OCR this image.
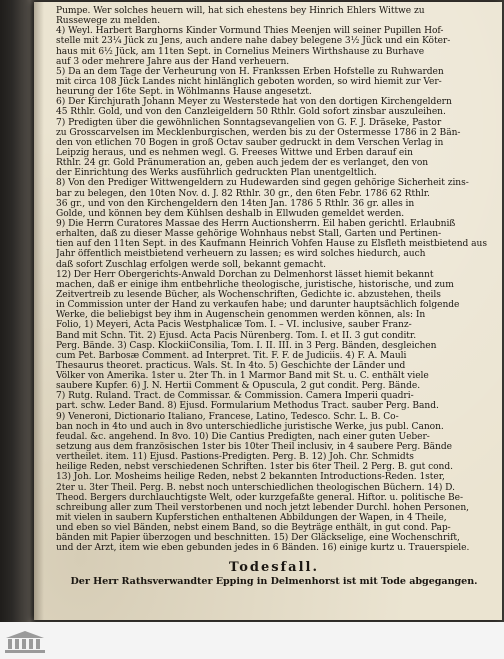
Pumpe. Wer solches heuern will, hat sich ehestens bey Hinrich Ehlers Wittwe zu
Russewege zu melden.
4) Weyl. Harbert Barghorns Kinder Vormund Thies Meenjen will seiner Pupillen Hof-
stelle mit 23¼ Jück zu Jens, auch andere nahe dabey belegene 3½ Jück und ein Köter-
haus mit 6½ Jück, am 11ten Sept. in Cornelius Meiners Wirthshause zu Burhave
auf 3 oder mehrere Jahre aus der Hand verheuern.
5) Da an dem Tage der Verheurung von H. Frankssen Erben Hofstelle zu Ruhwarden
mit circa 108 Jück Landes nicht hinlänglich geboten worden, so wird hiemit zur Ver-
heurung der 16te Sept. in Wöhlmanns Hause angesetzt.
6) Der Kirchjurath Johann Meyer zu Westerstede hat von den dortigen Kirchengeldern
45 Rthlr. Gold, und von den Canzleigeldern 50 Rthlr. Gold sofort zinsbar auszuleihen.
7) Predigten über die gewöhnlichen Sonntagsevangelien von G. F. J. Dräseke, Pastor
zu Grosscarvelsen im Mecklenburgischen, werden bis zu der Ostermesse 1786 in 2 Bän-
den von etlichen 70 Bogen in groß Octav sauber gedruckt in dem Verschen Verlag in
Leipzig heraus, und es nehmen wegl. G. Freeses Wittwe und Erben darauf ein
Rthlr. 24 gr. Gold Pränumeration an, geben auch jedem der es verlanget, den von
der Einrichtung des Werks ausführlich gedruckten Plan unentgeltlich.
8) Von den Prediger Wittwengeldern zu Hudewarden sind gegen gehörige Sicherheit zins-
bar zu belegen, den 10ten Nov. d. J. 82 Rthlr. 30 gr., den 6ten Febr. 1786 62 Rthlr.
36 gr., und von den Kirchengeldern den 14ten Jan. 1786 5 Rthlr. 36 gr. alles in
Golde, und können bey dem Kühlsen deshalb in Ellwuden gemeldet werden.
9) Die Herrn Curatores Massae des Herrn Auctionsherrn. Eil haben gerichtl. Erlaubniß
erhalten, daß zu dieser Masse gehörige Wohnhaus nebst Stall, Garten und Pertinen-
tien auf den 11ten Sept. in des Kaufmann Heinrich Vohfen Hause zu Elsfleth meistbietend aus
Jahr öffentlich meistbietend verheuern zu lassen; es wird solches hiedurch, auch
daß sofort Zuschlag erfolgen werde soll, bekannt gemacht.
12) Der Herr Obergerichts-Anwald Dorchan zu Delmenhorst lässet hiemit bekannt
machen, daß er einige ihm entbehrliche theologische, juristische, historische, und zum
Zeitvertreib zu lesende Bücher, als Wochenschriften, Gedichte ic. abzustehen, theils
in Commission unter der Hand zu verkaufen habe; und darunter hauptsächlich folgende
Werke, die beliebigst bey ihm in Augenschein genommen werden können, als: In
Folio, 1) Meyeri, Acta Pacis Westphalicæ Tom. I. – VI. inclusive, sauber Franz-
Band mit Schn. Tit. 2) Ejusd. Acta Pacis Nürenberg. Tom. I. et II. 3 gut conditr.
Perg. Bände. 3) Casp. KlockiiConsilia, Tom. I. II. III. in 3 Perg. Bänden, desgleichen
cum Pet. Barbosæ Comment. ad Interpret. Tit. F. F. de Judiciis. 4) F. A. Mauli
Thesaurus theoret. practicus. Wals. St. In 4to. 5) Geschichte der Länder und
Völker von Amerika. 1ster u. 2ter Th. in 1 Marmor Band mit St. u. C. enthält viele
saubere Kupfer. 6) J. N. Hertii Comment & Opuscula, 2 gut condit. Perg. Bände.
7) Rutg. Ruland. Tract. de Commissar. & Commission. Camera Imperii quadri-
part. schw. Leder Band. 8) Ejusd. Formularium Methodus Tract. sauber Perg. Band.
9) Veneroni, Dictionario Italiano, Francese, Latino, Tedesco. Schr. L. B. Co-
ban noch in 4to und auch in 8vo unterschiedliche juristische Werke, jus publ. Canon.
feudal. &c. angehend. In 8vo. 10) Die Cantius Predigten, nach einer guten Ueber-
setzung aus dem französischen 1ster bis 10ter Theil inclusiv, in 4 saubere Perg. Bände
vertheilet. item. 11) Ejusd. Pastions-Predigten. Perg. B. 12) Joh. Chr. Schmidts
heilige Reden, nebst verschiedenen Schriften. 1ster bis 6ter Theil. 2 Perg. B. gut cond.
13) Joh. Lor. Mosheims heilige Reden, nebst 2 bekannten Introductions-Reden. 1ster,
2ter u. 3ter Theil. Perg. B. nebst noch unterschiedlichen theologischen Büchern. 14) D.
Theod. Bergers durchlauchtigste Welt, oder kurzgefaßte general. Hiftor. u. politische Be-
schreibung aller zum Theil verstorbenen und noch jetzt lebender Durchl. hohen Personen,
mit vielen in saubern Kupferstichen enthaltenen Abbildungen der Wapen, in 4 Theile,
und eben so viel Bänden, nebst einem Band, so die Beyträge enthält, in gut cond. Pap-
bänden mit Papier überzogen und beschnitten. 15) Der Gläckselige, eine Wochenschrift,
und der Arzt, item wie eben gebunden jedes in 6 Bänden. 16) einige kurtz u. Trauerspiele.
Todesfall.
Der Herr Rathsverwandter Epping in Delmenhorst ist mit Tode abgegangen.
